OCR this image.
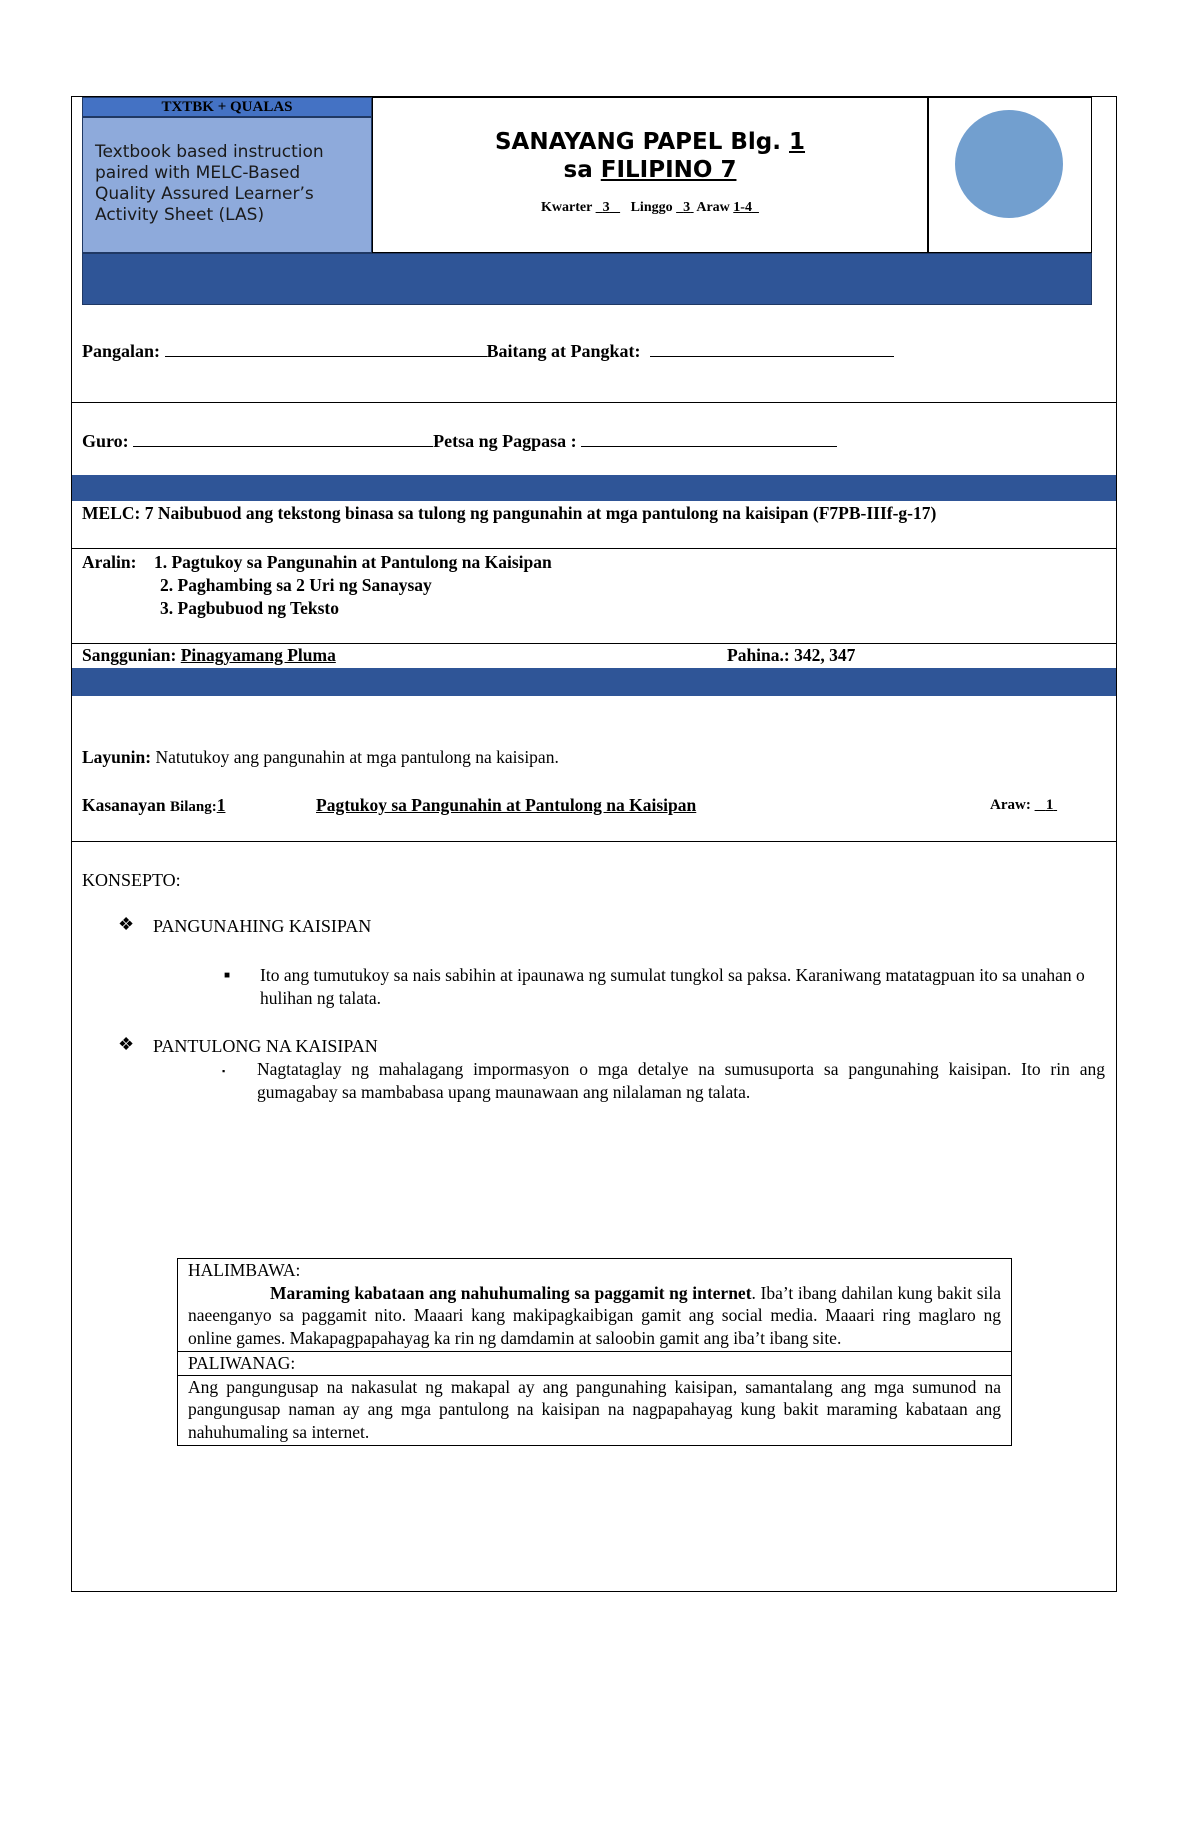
TXTBK + QUALAS
Textbook based instruction paired with MELC-Based Quality Assured Learner’s Activity Sheet (LAS)
SANAYANG PAPEL Blg. 1
sa FILIPINO 7
Kwarter 3 Linggo 3 Araw 1-4
Pangalan:	Baitang at Pangkat:
Guro:	Petsa ng Pagpasa :
MELC: 7 Naibubuod ang tekstong binasa sa tulong ng pangunahin at mga pantulong na kaisipan (F7PB-IIIf-g-17)
Aralin: 1. Pagtukoy sa Pangunahin at Pantulong na Kaisipan
2. Paghambing sa 2 Uri ng Sanaysay
3. Pagbubuod ng Teksto
Sanggunian: Pinagyamang Pluma	Pahina.: 342, 347
Layunin: Natutukoy ang pangunahin at mga pantulong na kaisipan.
Kasanayan Bilang:1	Pagtukoy sa Pangunahin at Pantulong na Kaisipan	Araw: 1
KONSEPTO:
❖ PANGUNAHING KAISIPAN
■ Ito ang tumutukoy sa nais sabihin at ipaunawa ng sumulat tungkol sa paksa. Karaniwang matatagpuan ito sa unahan o hulihan ng talata.
❖ PANTULONG NA KAISIPAN
▪ Nagtataglay ng mahalagang impormasyon o mga detalye na sumusuporta sa pangunahing kaisipan. Ito rin ang gumagabay sa mambabasa upang maunawaan ang nilalaman ng talata.
HALIMBAWA:
Maraming kabataan ang nahuhumaling sa paggamit ng internet. Iba’t ibang dahilan kung bakit sila naeenganyo sa paggamit nito. Maaari kang makipagkaibigan gamit ang social media. Maaari ring maglaro ng online games. Makapagpapahayag ka rin ng damdamin at saloobin gamit ang iba’t ibang site.
PALIWANAG:
Ang pangungusap na nakasulat ng makapal ay ang pangunahing kaisipan, samantalang ang mga sumunod na pangungusap naman ay ang mga pantulong na kaisipan na nagpapahayag kung bakit maraming kabataan ang nahuhumaling sa internet.
